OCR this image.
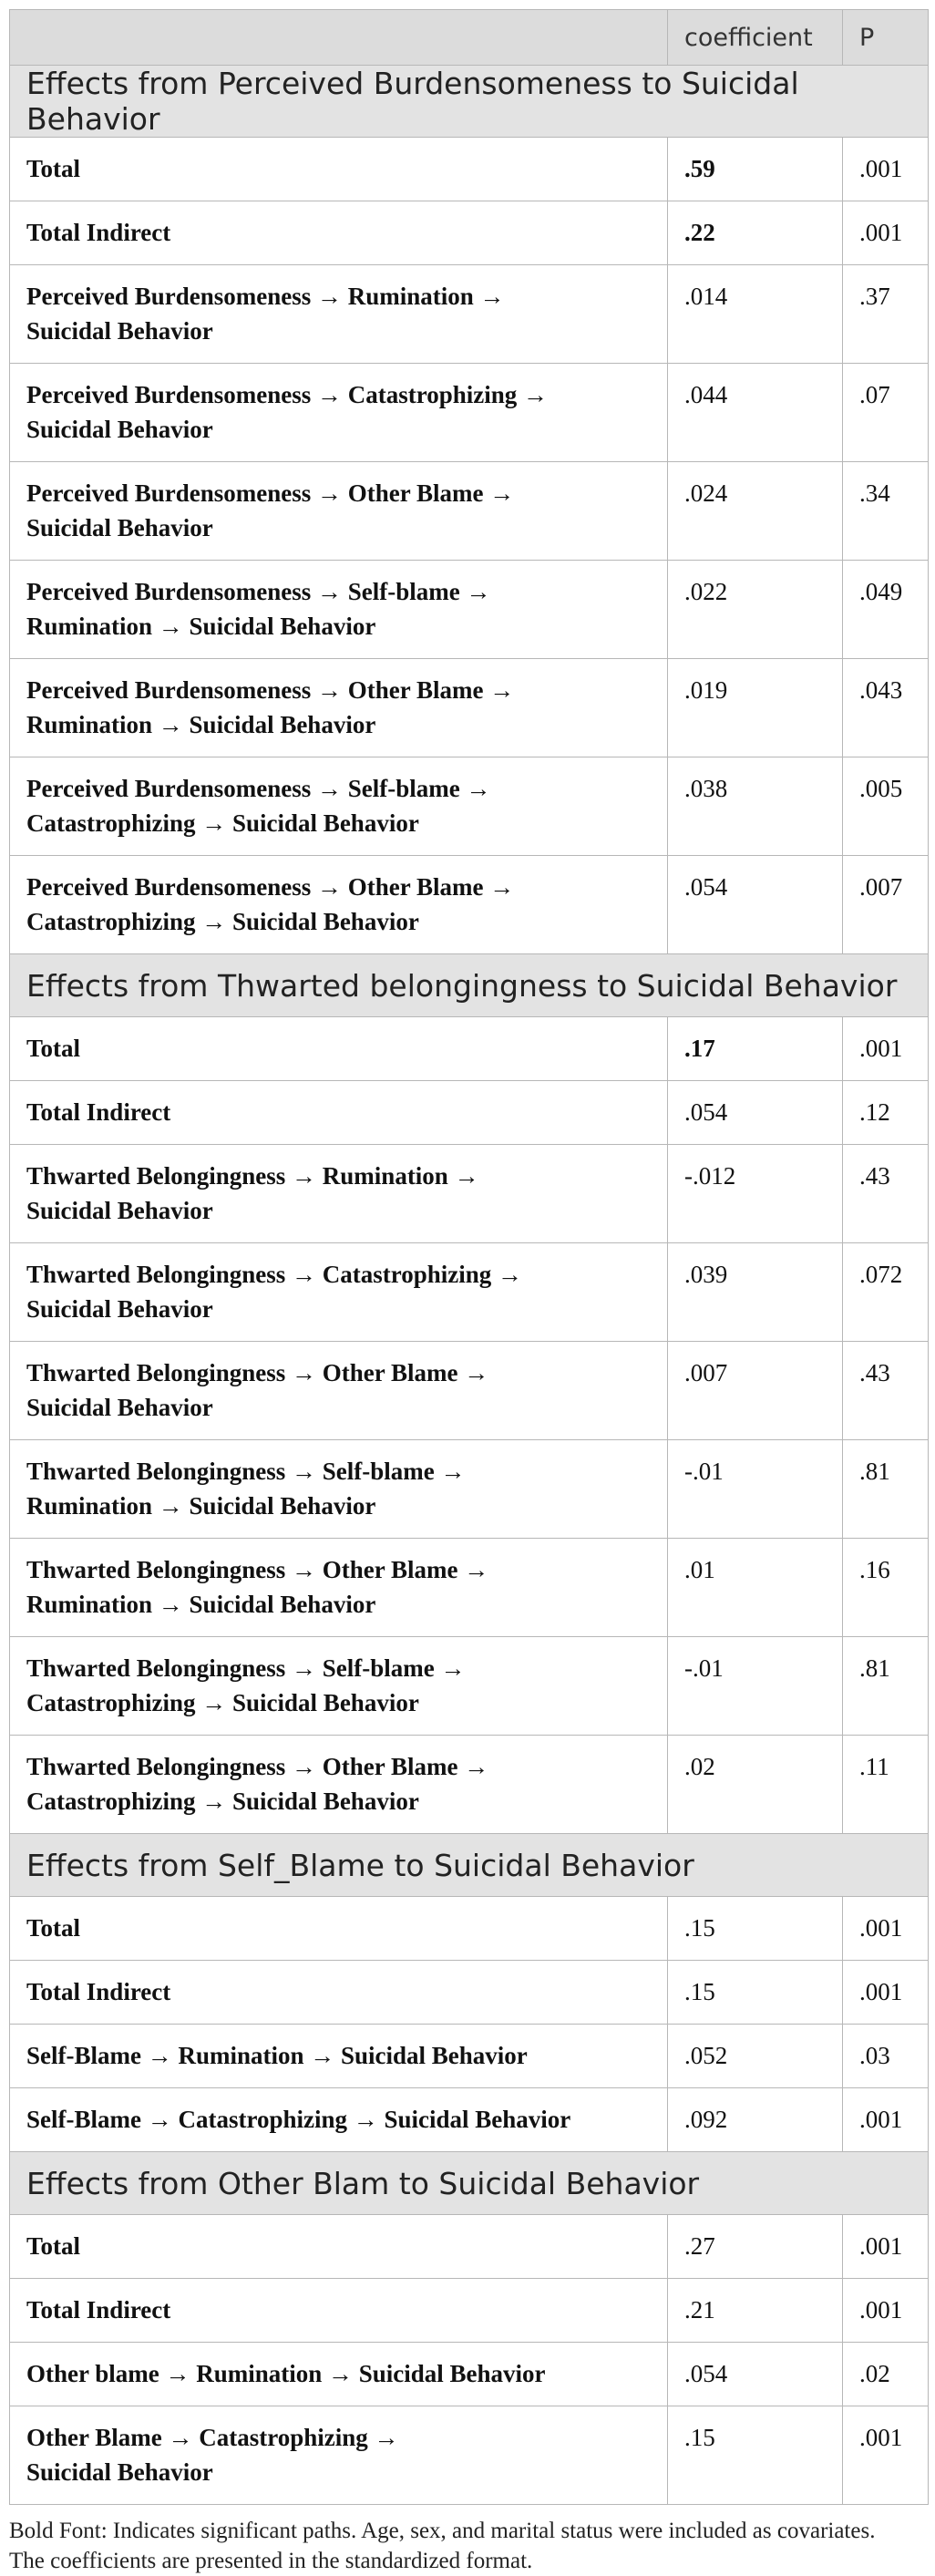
	coefficient	P
Effects from Perceived Burdensomeness to Suicidal Behavior		
Total	.59	.001
Total Indirect	.22	.001

Perceived Burdensomeness → Rumination →
Suicidal Behavior	.014	.37

Perceived Burdensomeness → Catastrophizing →
Suicidal Behavior	.044	.07

Perceived Burdensomeness → Other Blame →
Suicidal Behavior	.024	.34

Perceived Burdensomeness → Self-blame →
Rumination → Suicidal Behavior	.022	.049

Perceived Burdensomeness → Other Blame →
Rumination → Suicidal Behavior	.019	.043

Perceived Burdensomeness → Self-blame →
Catastrophizing → Suicidal Behavior	.038	.005

Perceived Burdensomeness → Other Blame →
Catastrophizing → Suicidal Behavior	.054	.007
Effects from Thwarted belongingness to Suicidal Behavior		
Total	.17	.001
Total Indirect	.054	.12

Thwarted Belongingness → Rumination →
Suicidal Behavior	-.012	.43

Thwarted Belongingness → Catastrophizing →
Suicidal Behavior	.039	.072

Thwarted Belongingness → Other Blame →
Suicidal Behavior	.007	.43

Thwarted Belongingness → Self-blame →
Rumination → Suicidal Behavior	-.01	.81

Thwarted Belongingness → Other Blame →
Rumination → Suicidal Behavior	.01	.16

Thwarted Belongingness → Self-blame →
Catastrophizing → Suicidal Behavior	-.01	.81

Thwarted Belongingness → Other Blame →
Catastrophizing → Suicidal Behavior	.02	.11
Effects from Self_Blame to Suicidal Behavior		
Total	.15	.001
Total Indirect	.15	.001
Self-Blame → Rumination → Suicidal Behavior	.052	.03
Self-Blame → Catastrophizing → Suicidal Behavior	.092	.001
Effects from Other Blam to Suicidal Behavior		
Total	.27	.001
Total Indirect	.21	.001
Other blame → Rumination → Suicidal Behavior	.054	.02

Other Blame → Catastrophizing →
Suicidal Behavior	.15	.001
Bold Font: Indicates significant paths. Age, sex, and marital status were included as covariates.
The coefficients are presented in the standardized format.
